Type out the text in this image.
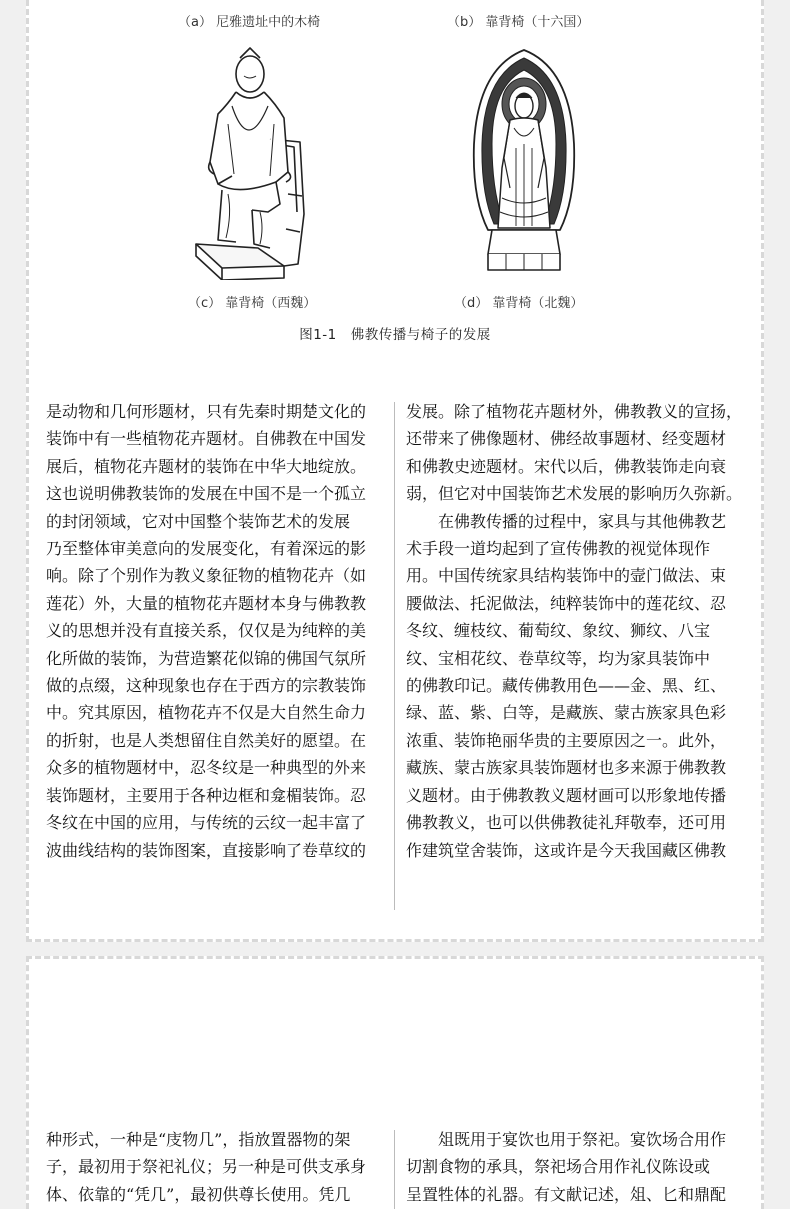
（a） 尼雅遗址中的木椅	（b） 靠背椅（十六国）
（c） 靠背椅（西魏）	（d） 靠背椅（北魏）
图1-1　佛教传播与椅子的发展

是动物和几何形题材，只有先秦时期楚文化的

装饰中有一些植物花卉题材。自佛教在中国发

展后，植物花卉题材的装饰在中华大地绽放。

这也说明佛教装饰的发展在中国不是一个孤立

的封闭领域，它对中国整个装饰艺术的发展

乃至整体审美意向的发展变化，有着深远的影

响。除了个别作为教义象征物的植物花卉（如

莲花）外，大量的植物花卉题材本身与佛教教

义的思想并没有直接关系，仅仅是为纯粹的美

化所做的装饰，为营造繁花似锦的佛国气氛所

做的点缀，这种现象也存在于西方的宗教装饰

中。究其原因，植物花卉不仅是大自然生命力

的折射，也是人类想留住自然美好的愿望。在

众多的植物题材中，忍冬纹是一种典型的外来

装饰题材，主要用于各种边框和龛楣装饰。忍

冬纹在中国的应用，与传统的云纹一起丰富了

波曲线结构的装饰图案，直接影响了卷草纹的

发展。除了植物花卉题材外，佛教教义的宣扬，

还带来了佛像题材、佛经故事题材、经变题材

和佛教史迹题材。宋代以后，佛教装饰走向衰

弱，但它对中国装饰艺术发展的影响历久弥新。

　　在佛教传播的过程中，家具与其他佛教艺

术手段一道均起到了宣传佛教的视觉体现作

用。中国传统家具结构装饰中的壸门做法、束

腰做法、托泥做法，纯粹装饰中的莲花纹、忍

冬纹、缠枝纹、葡萄纹、象纹、狮纹、八宝

纹、宝相花纹、卷草纹等，均为家具装饰中

的佛教印记。藏传佛教用色——金、黑、红、

绿、蓝、紫、白等，是藏族、蒙古族家具色彩

浓重、装饰艳丽华贵的主要原因之一。此外，

藏族、蒙古族家具装饰题材也多来源于佛教教

义题材。由于佛教教义题材画可以形象地传播

佛教教义，也可以供佛教徒礼拜敬奉，还可用

作建筑堂舍装饰，这或许是今天我国藏区佛教

种形式，一种是“庋物几”，指放置器物的架

子，最初用于祭祀礼仪；另一种是可供支承身

体、依靠的“凭几”，最初供尊长使用。凭几

　　俎既用于宴饮也用于祭祀。宴饮场合用作

切割食物的承具，祭祀场合用作礼仪陈设或

呈置牲体的礼器。有文献记述，俎、匕和鼎配
